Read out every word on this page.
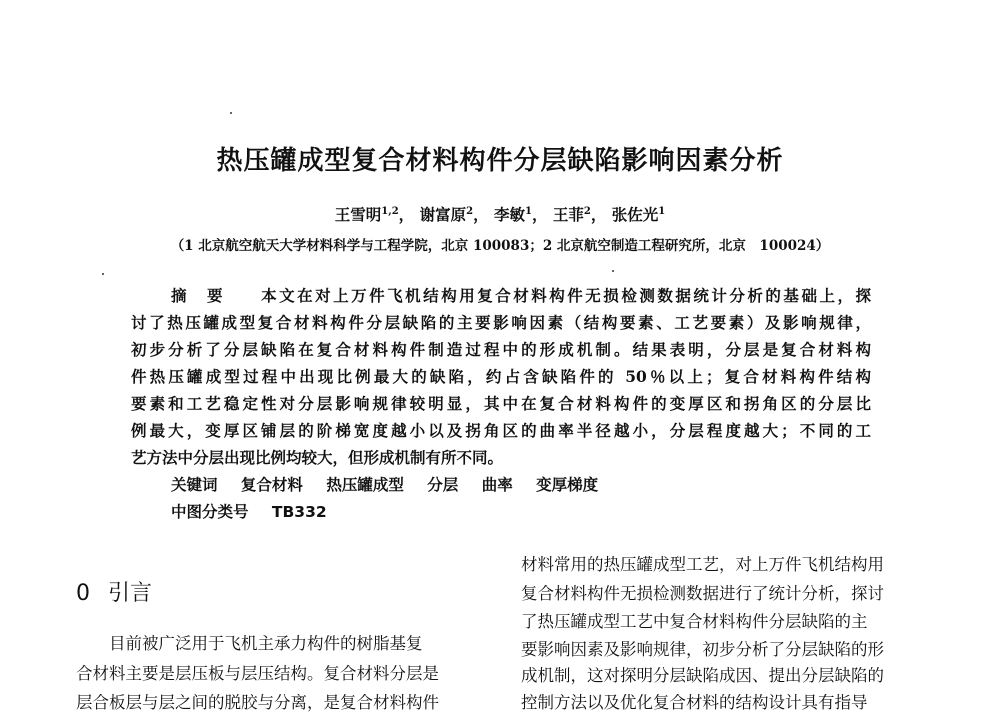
热压罐成型复合材料构件分层缺陷影响因素分析
王雪明$^{1,2}$， 谢富原$^2$， 李敏$^1$， 王菲$^2$， 张佐光$^1$
（1 北京航空航天大学材料科学与工程学院，北京 100083；2 北京航空制造工程研究所，北京　100024）
摘　要　　 本文在对上万件飞机结构用复合材料构件无损检测数据统计分析的基础上，探
讨了热压罐成型复合材料构件分层缺陷的主要影响因素（结构要素、工艺要素）及影响规律，
初步分析了分层缺陷在复合材料构件制造过程中的形成机制。结果表明，分层是复合材料构
件热压罐成型过程中出现比例最大的缺陷，约占含缺陷件的 50％以上；复合材料构件结构
要素和工艺稳定性对分层影响规律较明显，其中在复合材料构件的变厚区和拐角区的分层比
例最大，变厚区铺层的阶梯宽度越小以及拐角区的曲率半径越小，分层程度越大；不同的工
艺方法中分层出现比例均较大，但形成机制有所不同。
关键词 复合材料 热压罐成型 分层 曲率 变厚梯度
中图分类号 TB332
0 引言
　　目前被广泛用于飞机主承力构件的树脂基复
合材料主要是层压板与层压结构。复合材料分层是
层合板层与层之间的脱胶与分离，是复合材料构件
材料常用的热压罐成型工艺，对上万件飞机结构用
复合材料构件无损检测数据进行了统计分析，探讨
了热压罐成型工艺中复合材料构件分层缺陷的主
要影响因素及影响规律，初步分析了分层缺陷的形
成机制，这对探明分层缺陷成因、提出分层缺陷的
控制方法以及优化复合材料的结构设计具有指导
